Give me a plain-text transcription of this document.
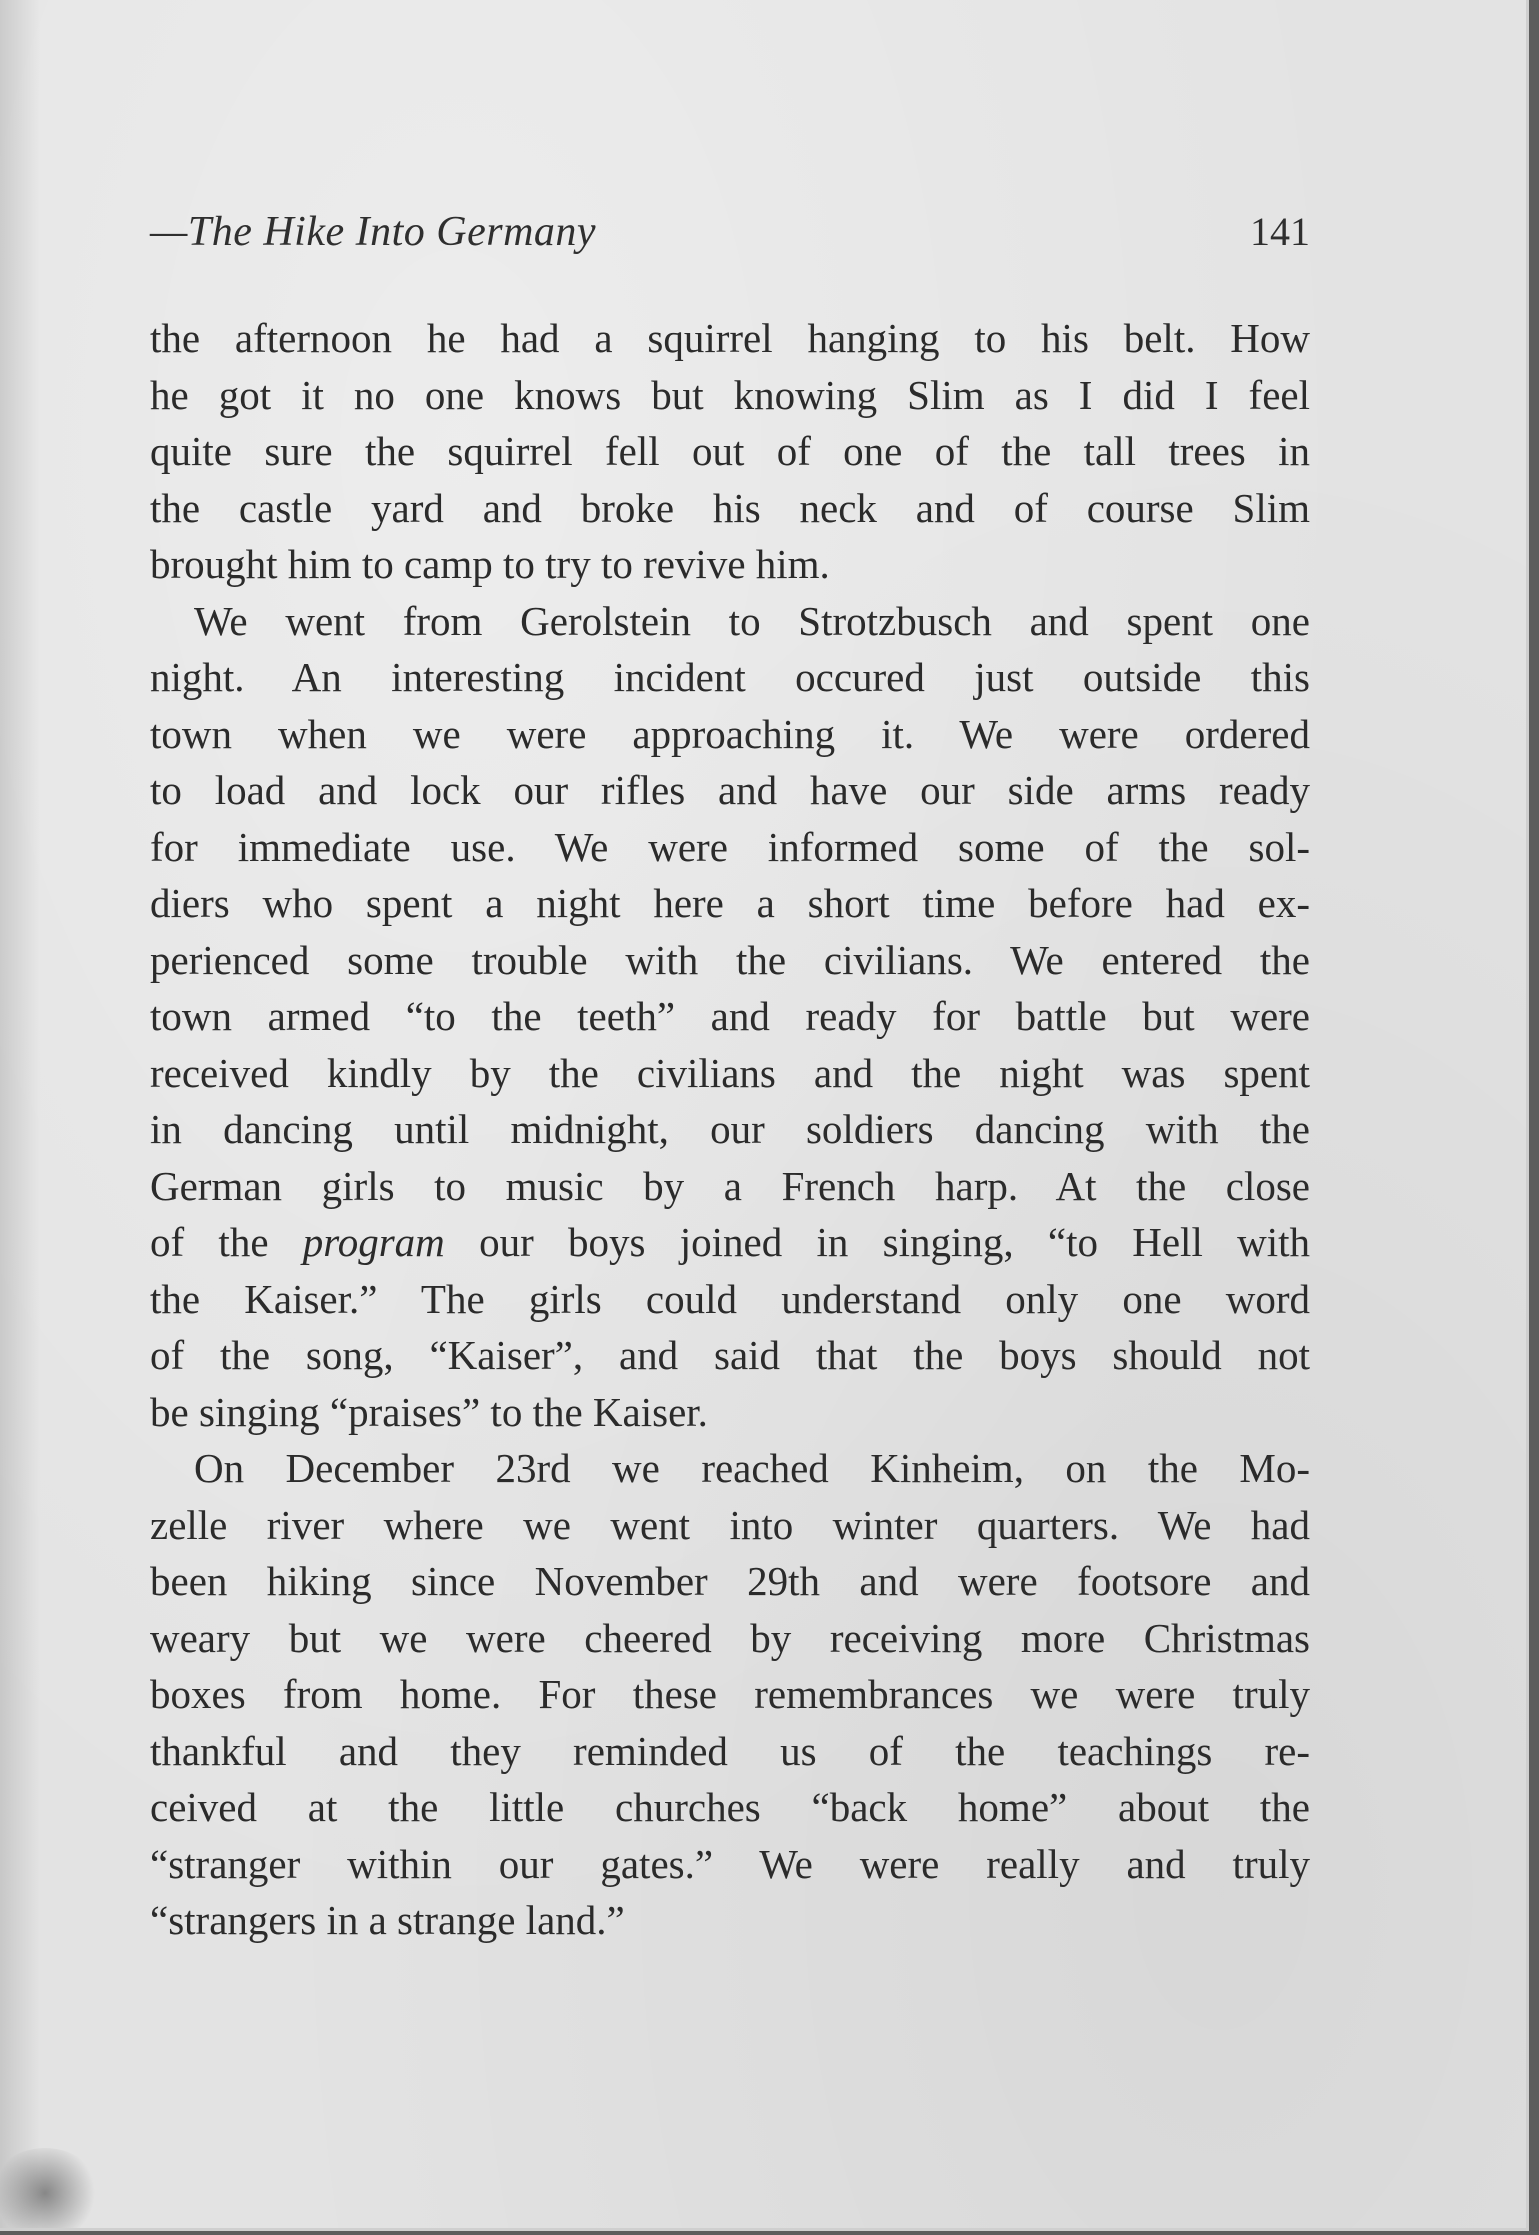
—The Hike Into Germany	141
the afternoon he had a squirrel hanging to his belt. How
he got it no one knows but knowing Slim as I did I feel
quite sure the squirrel fell out of one of the tall trees in
the castle yard and broke his neck and of course Slim
brought him to camp to try to revive him.
We went from Gerolstein to Strotzbusch and spent one
night. An interesting incident occured just outside this
town when we were approaching it. We were ordered
to load and lock our rifles and have our side arms ready
for immediate use. We were informed some of the sol-
diers who spent a night here a short time before had ex-
perienced some trouble with the civilians. We entered the
town armed “to the teeth” and ready for battle but were
received kindly by the civilians and the night was spent
in dancing until midnight, our soldiers dancing with the
German girls to music by a French harp. At the close
of the program our boys joined in singing, “to Hell with
the Kaiser.” The girls could understand only one word
of the song, “Kaiser”, and said that the boys should not
be singing “praises” to the Kaiser.
On December 23rd we reached Kinheim, on the Mo-
zelle river where we went into winter quarters. We had
been hiking since November 29th and were footsore and
weary but we were cheered by receiving more Christmas
boxes from home. For these remembrances we were truly
thankful and they reminded us of the teachings re-
ceived at the little churches “back home” about the
“stranger within our gates.” We were really and truly
“strangers in a strange land.”
